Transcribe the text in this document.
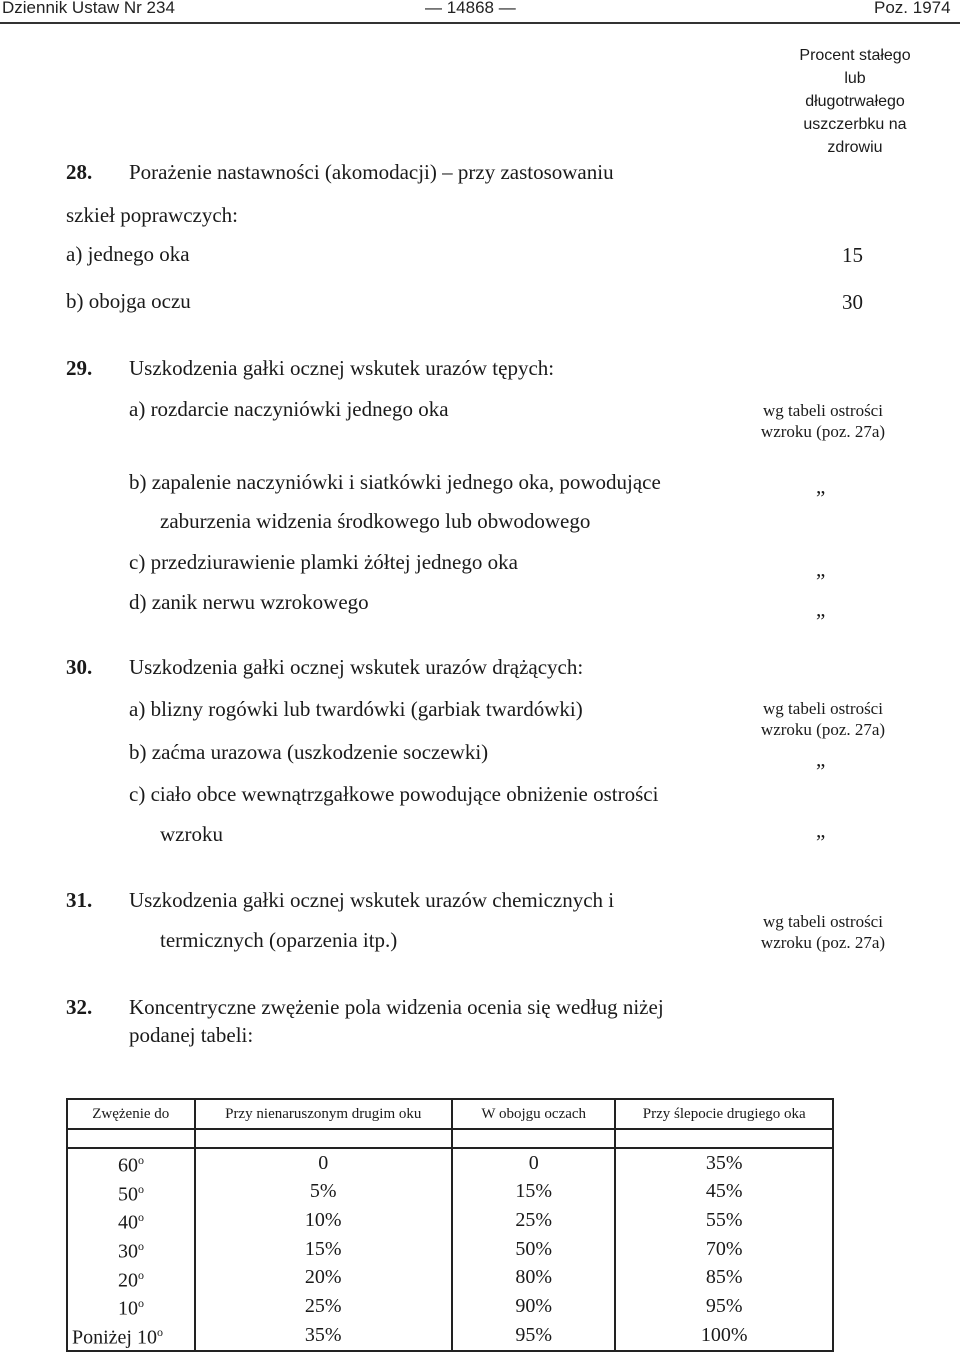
Dziennik Ustaw Nr 234	— 14868 —	Poz. 1974
Procent stałego
lub
długotrwałego
uszczerbku na
zdrowiu
28. Porażenie nastawności (akomodacji) – przy zastosowaniu
szkieł poprawczych:
a) jednego oka	15
b) obojga oczu	30
29. Uszkodzenia gałki ocznej wskutek urazów tępych:
a) rozdarcie naczyniówki jednego oka	wg tabeli ostrości
wzroku (poz. 27a)
b) zapalenie naczyniówki i siatkówki jednego oka, powodujące	„
zaburzenia widzenia środkowego lub obwodowego
c) przedziurawienie plamki żółtej jednego oka	„
d) zanik nerwu wzrokowego	„
30. Uszkodzenia gałki ocznej wskutek urazów drążących:
a) blizny rogówki lub twardówki (garbiak twardówki)	wg tabeli ostrości
wzroku (poz. 27a)
b) zaćma urazowa (uszkodzenie soczewki)	„
c) ciało obce wewnątrzgałkowe powodujące obniżenie ostrości
wzroku	„
31. Uszkodzenia gałki ocznej wskutek urazów chemicznych i
termicznych (oparzenia itp.)
wg tabeli ostrości
wzroku (poz. 27a)
32. Koncentryczne zwężenie pola widzenia ocenia się według niżej
podanej tabeli:
Zwężenie do	Przy nienaruszonym drugim oku	W obojgu oczach	Przy ślepocie drugiego oka

60$^o$	0	0	35%
50$^o$	5%	15%	45%
40$^o$	10%	25%	55%
30$^o$	15%	50%	70%
20$^o$	20%	80%	85%
10$^o$	25%	90%	95%
Poniżej 10$^o$	35%	95%	100%
